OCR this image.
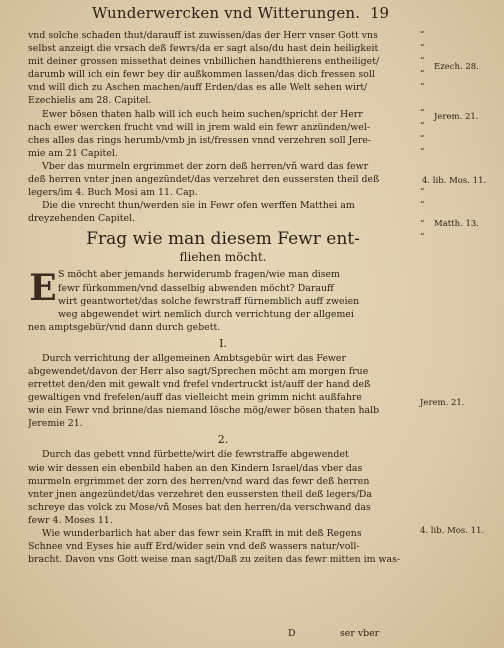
Wunderwercken vnd Witterungen. 19
vnd solche schaden thut/darauff ist zuwissen/das der Herr vnser Gott vns
selbst anzeigt die vrsach deß fewrs/da er sagt also/du hast dein heiligkeit
mit deiner grossen missethat deines vnbillichen handthierens entheiliget/
darumb will ich ein fewr bey dir außkommen lassen/das dich fressen soll
vnd will dich zu Aschen machen/auff Erden/das es alle Welt sehen wirt/
Ezechielis am 28. Capitel.
Ewer bösen thaten halb will ich euch heim suchen/spricht der Herr
nach ewer wercken frucht vnd will in jrem wald ein fewr anzünden/wel-
ches alles das rings herumb/vmb jn ist/fressen vnnd verzehren soll Jere-
mie am 21 Capitel.
Vber das murmeln ergrimmet der zorn deß herren/vñ ward das fewr
deß herren vnter jnen angezündet/das verzehret den eussersten theil deß
legers/im 4. Buch Mosi am 11. Cap.
Die die vnrecht thun/werden sie in Fewr ofen werffen Matthei am
dreyzehenden Capitel.
Frag wie man diesem Fewr ent-
fliehen möcht.
E S möcht aber jemands herwiderumb fragen/wie man disem
fewr fürkommen/vnd dasselbig abwenden möcht? Darauff
wirt geantwortet/das solche fewrstraff fürnemblich auff zweien
weg abgewendet wirt nemlich durch verrichtung der allgemei
nen amptsgebür/vnd dann durch gebett.
I.
Durch verrichtung der allgemeinen Ambtsgebür wirt das Fewer
abgewendet/davon der Herr also sagt/Sprechen möcht am morgen frue
errettet den/den mit gewalt vnd frefel vndertruckt ist/auff der hand deß
gewaltigen vnd frefelen/auff das vielleicht mein grimm nicht außfahre
wie ein Fewr vnd brinne/das niemand lösche mög/ewer bösen thaten halb
Jeremie 21.
2.
Durch das gebett vnnd fürbette/wirt die fewrstraffe abgewendet
wie wir dessen ein ebenbild haben an den Kindern Israel/das vber das
murmeln ergrimmet der zorn des herren/vnd ward das fewr deß herren
vnter jnen angezündet/das verzehret den eussersten theil deß legers/Da
schreye das volck zu Mose/vñ Moses bat den herren/da verschwand das
fewr 4. Moses 11.
Wie wunderbarlich hat aber das fewr sein Krafft in mit deß Regens
Schnee vnd Eyses hie auff Erd/wider sein vnd deß wassers natur/voll-
bracht. Davon vns Gott weise man sagt/Daß zu zeiten das fewr mitten im was-
D	ser vber
“
“
“
Ezech. 28.
“
“
“ Jerem. 21.
“
“
“
4. lib. Mos. 11.
“
“
“ Matth. 13.
“
Jerem. 21.
4. lib. Mos. 11.
